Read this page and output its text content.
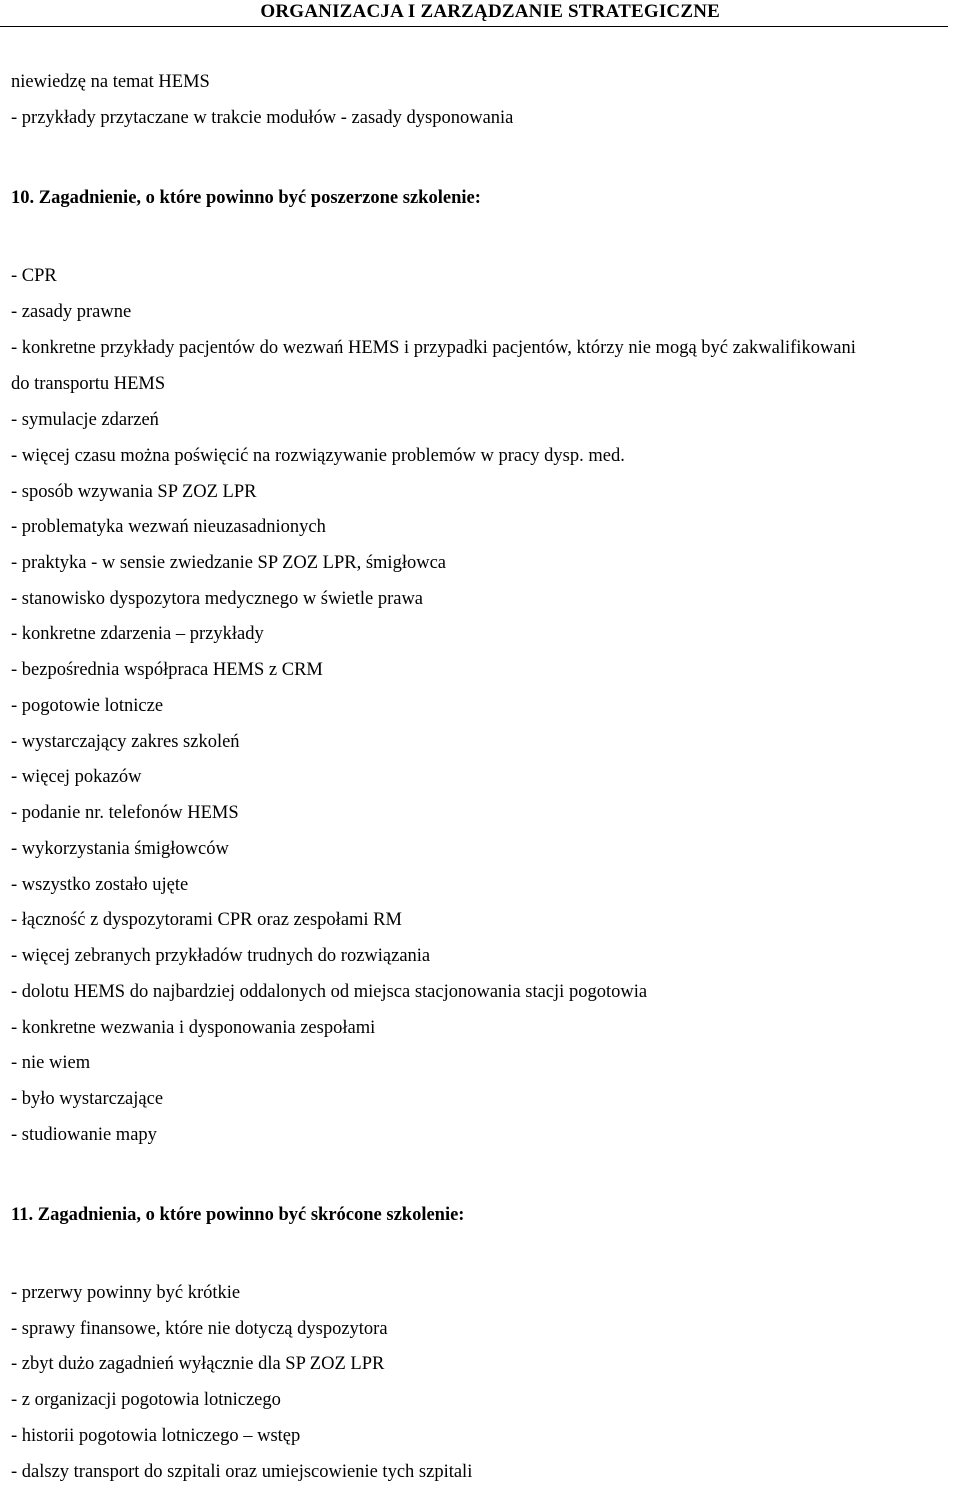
ORGANIZACJA I ZARZĄDZANIE STRATEGICZNE
niewiedzę na temat HEMS
- przykłady przytaczane w trakcie modułów - zasady dysponowania
10. Zagadnienie, o które powinno być poszerzone szkolenie:
- CPR
- zasady prawne
- konkretne przykłady pacjentów do wezwań HEMS i przypadki pacjentów, którzy nie mogą być zakwalifikowani
do transportu HEMS
- symulacje zdarzeń
- więcej czasu można poświęcić na rozwiązywanie problemów w pracy dysp. med.
- sposób wzywania SP ZOZ LPR
- problematyka wezwań nieuzasadnionych
- praktyka - w sensie zwiedzanie SP ZOZ LPR, śmigłowca
- stanowisko dyspozytora medycznego w świetle prawa
- konkretne zdarzenia – przykłady
- bezpośrednia współpraca HEMS z CRM
- pogotowie lotnicze
- wystarczający zakres szkoleń
- więcej pokazów
- podanie nr. telefonów HEMS
- wykorzystania śmigłowców
- wszystko zostało ujęte
- łączność z dyspozytorami CPR oraz zespołami RM
- więcej zebranych przykładów trudnych do rozwiązania
- dolotu HEMS do najbardziej oddalonych od miejsca stacjonowania stacji pogotowia
- konkretne wezwania i dysponowania zespołami
- nie wiem
- było wystarczające
- studiowanie mapy
11. Zagadnienia, o które powinno być skrócone szkolenie:
- przerwy powinny być krótkie
- sprawy finansowe, które nie dotyczą dyspozytora
- zbyt dużo zagadnień wyłącznie dla SP ZOZ LPR
- z organizacji pogotowia lotniczego
- historii pogotowia lotniczego – wstęp
- dalszy transport do szpitali oraz umiejscowienie tych szpitali
